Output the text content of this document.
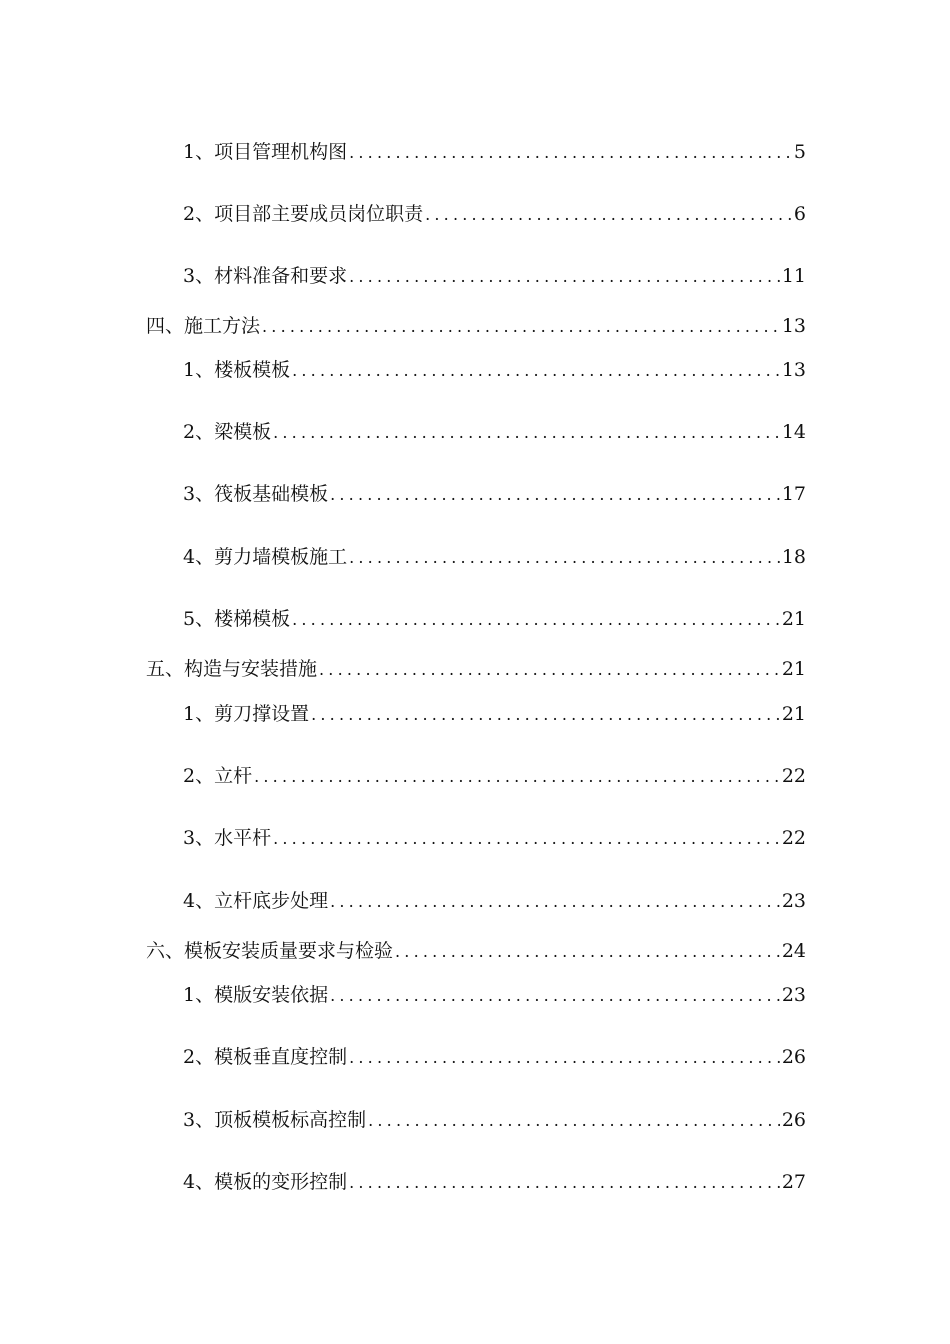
1、项目管理机构图 .....	5
2、项目部主要成员岗位职责 .....	6
3、材料准备和要求 .....	11
四、施工方法 .....	13
1、楼板模板 .....	13
2、梁模板 .....	14
3、筏板基础模板 .....	17
4、剪力墙模板施工 .....	18
5、楼梯模板 .....	21
五、构造与安装措施 .....	21
1、剪刀撑设置 .....	21
2、立杆 .....	22
3、水平杆 .....	22
4、立杆底步处理 .....	23
六、模板安装质量要求与检验 .....	24
1、模版安装依据 .....	23
2、模板垂直度控制 .....	26
3、顶板模板标高控制 .....	26
4、模板的变形控制 .....	27
